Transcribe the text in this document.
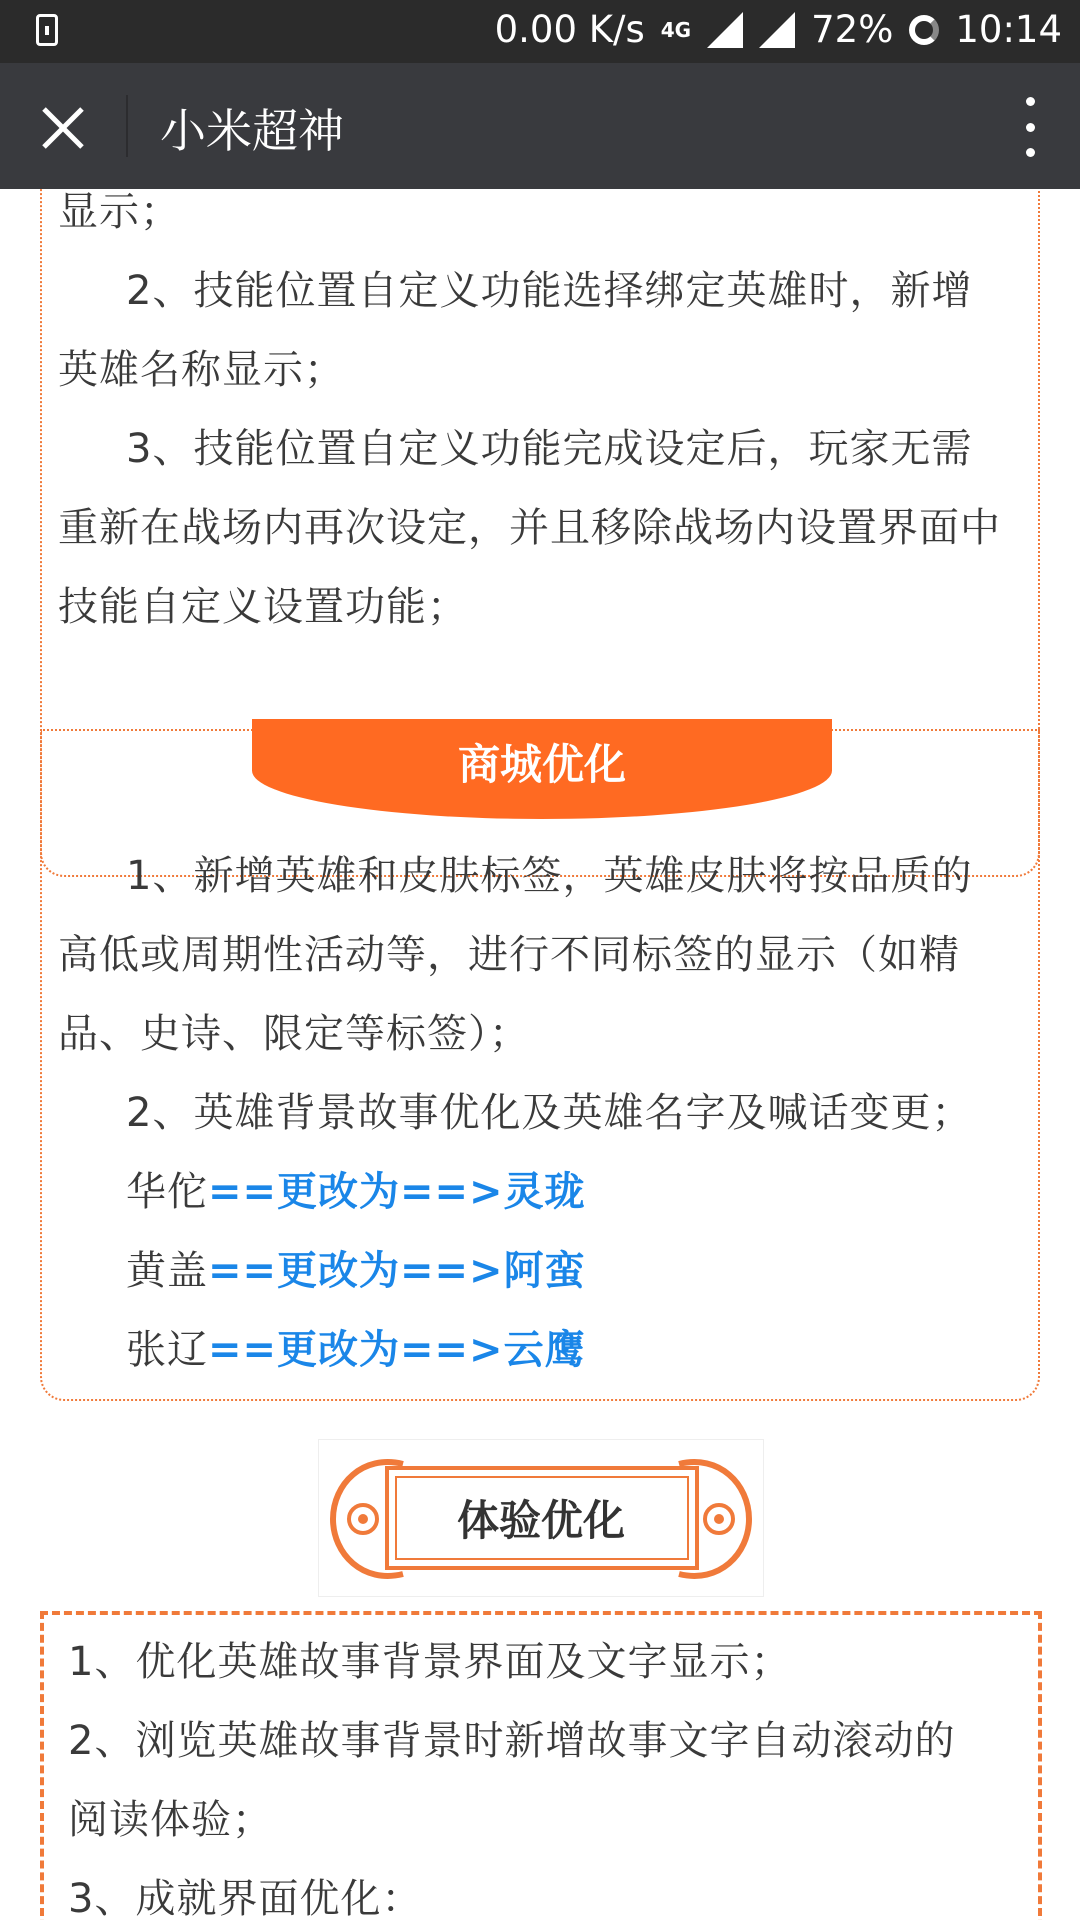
0.00 K/s 4G	72% 10:14
小米超神

显示；

2、技能位置自定义功能选择绑定英雄时，新增

英雄名称显示；

3、技能位置自定义功能完成设定后，玩家无需

重新在战场内再次设定，并且移除战场内设置界面中

技能自定义设置功能；

商城优化

1、新增英雄和皮肤标签，英雄皮肤将按品质的

高低或周期性活动等，进行不同标签的显示（如精

品、史诗、限定等标签）；

2、英雄背景故事优化及英雄名字及喊话变更；

华佗==更改为==>灵珑

黄盖==更改为==>阿蛮

张辽==更改为==>云鹰

体验优化

1、优化英雄故事背景界面及文字显示；

2、浏览英雄故事背景时新增故事文字自动滚动的

阅读体验；

3、成就界面优化：
